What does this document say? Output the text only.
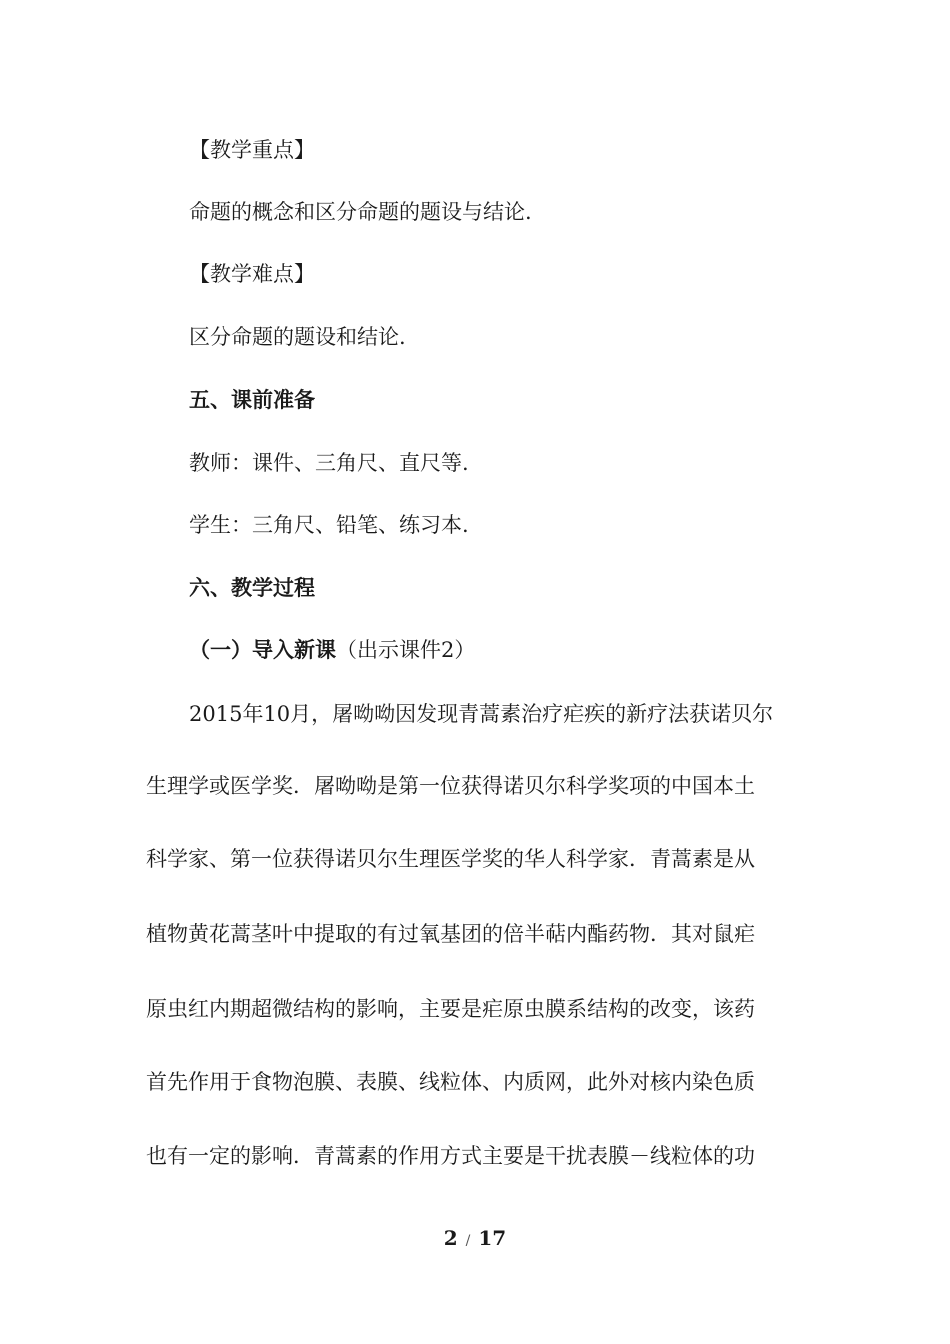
【教学重点】
命题的概念和区分命题的题设与结论.
【教学难点】
区分命题的题设和结论.
五、课前准备
教师：课件、三角尺、直尺等.
学生：三角尺、铅笔、练习本.
六、教学过程
（一）导入新课（出示课件2）
2015年10月，屠呦呦因发现青蒿素治疗疟疾的新疗法获诺贝尔
生理学或医学奖．屠呦呦是第一位获得诺贝尔科学奖项的中国本土
科学家、第一位获得诺贝尔生理医学奖的华人科学家．青蒿素是从
植物黄花蒿茎叶中提取的有过氧基团的倍半萜内酯药物．其对鼠疟
原虫红内期超微结构的影响，主要是疟原虫膜系结构的改变，该药
首先作用于食物泡膜、表膜、线粒体、内质网，此外对核内染色质
也有一定的影响．青蒿素的作用方式主要是干扰表膜－线粒体的功
2 / 17
